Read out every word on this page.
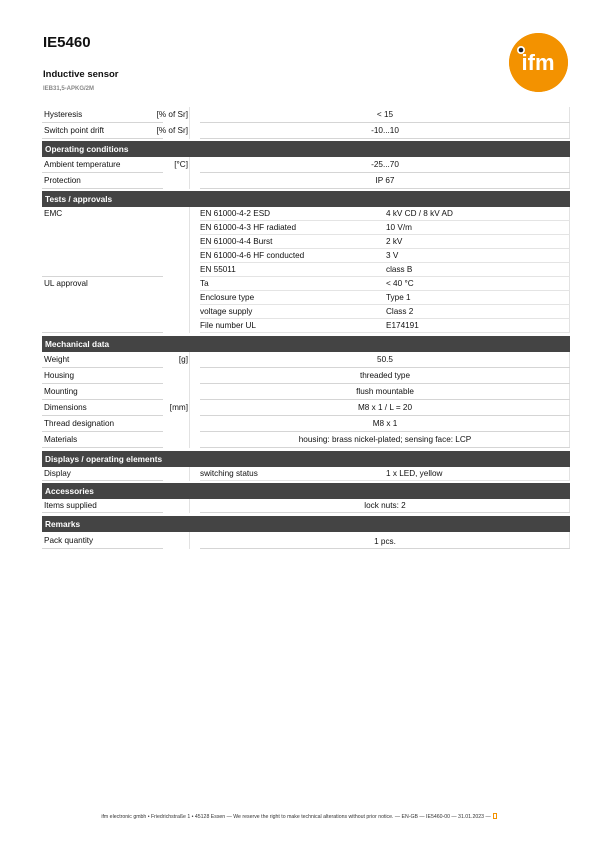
IE5460
Inductive sensor
IEB31,5-APKG/2M
ifm
Hysteresis	[% of Sr]	< 15
Switch point drift	[% of Sr]	-10...10
Operating conditions
Ambient temperature	[°C]	-25...70
Protection	IP 67
Tests / approvals
EMC	EN 61000-4-2 ESD	4 kV CD / 8 kV AD
EN 61000-4-3 HF radiated	10 V/m
EN 61000-4-4 Burst	2 kV
EN 61000-4-6 HF conducted	3 V
EN 55011	class B
UL approval	Ta	< 40 °C
Enclosure type	Type 1
voltage supply	Class 2
File number UL	E174191
Mechanical data
Weight	[g]	50.5
Housing	threaded type
Mounting	flush mountable
Dimensions	[mm]	M8 x 1 / L = 20
Thread designation	M8 x 1
Materials	housing: brass nickel-plated; sensing face: LCP
Displays / operating elements
Display	switching status	1 x LED, yellow
Accessories
Items supplied	lock nuts: 2
Remarks
Pack quantity	1 pcs.
ifm electronic gmbh • Friedrichstraße 1 • 45128 Essen — We reserve the right to make technical alterations without prior notice. — EN-GB — IE5460-00 — 31.01.2023 —
